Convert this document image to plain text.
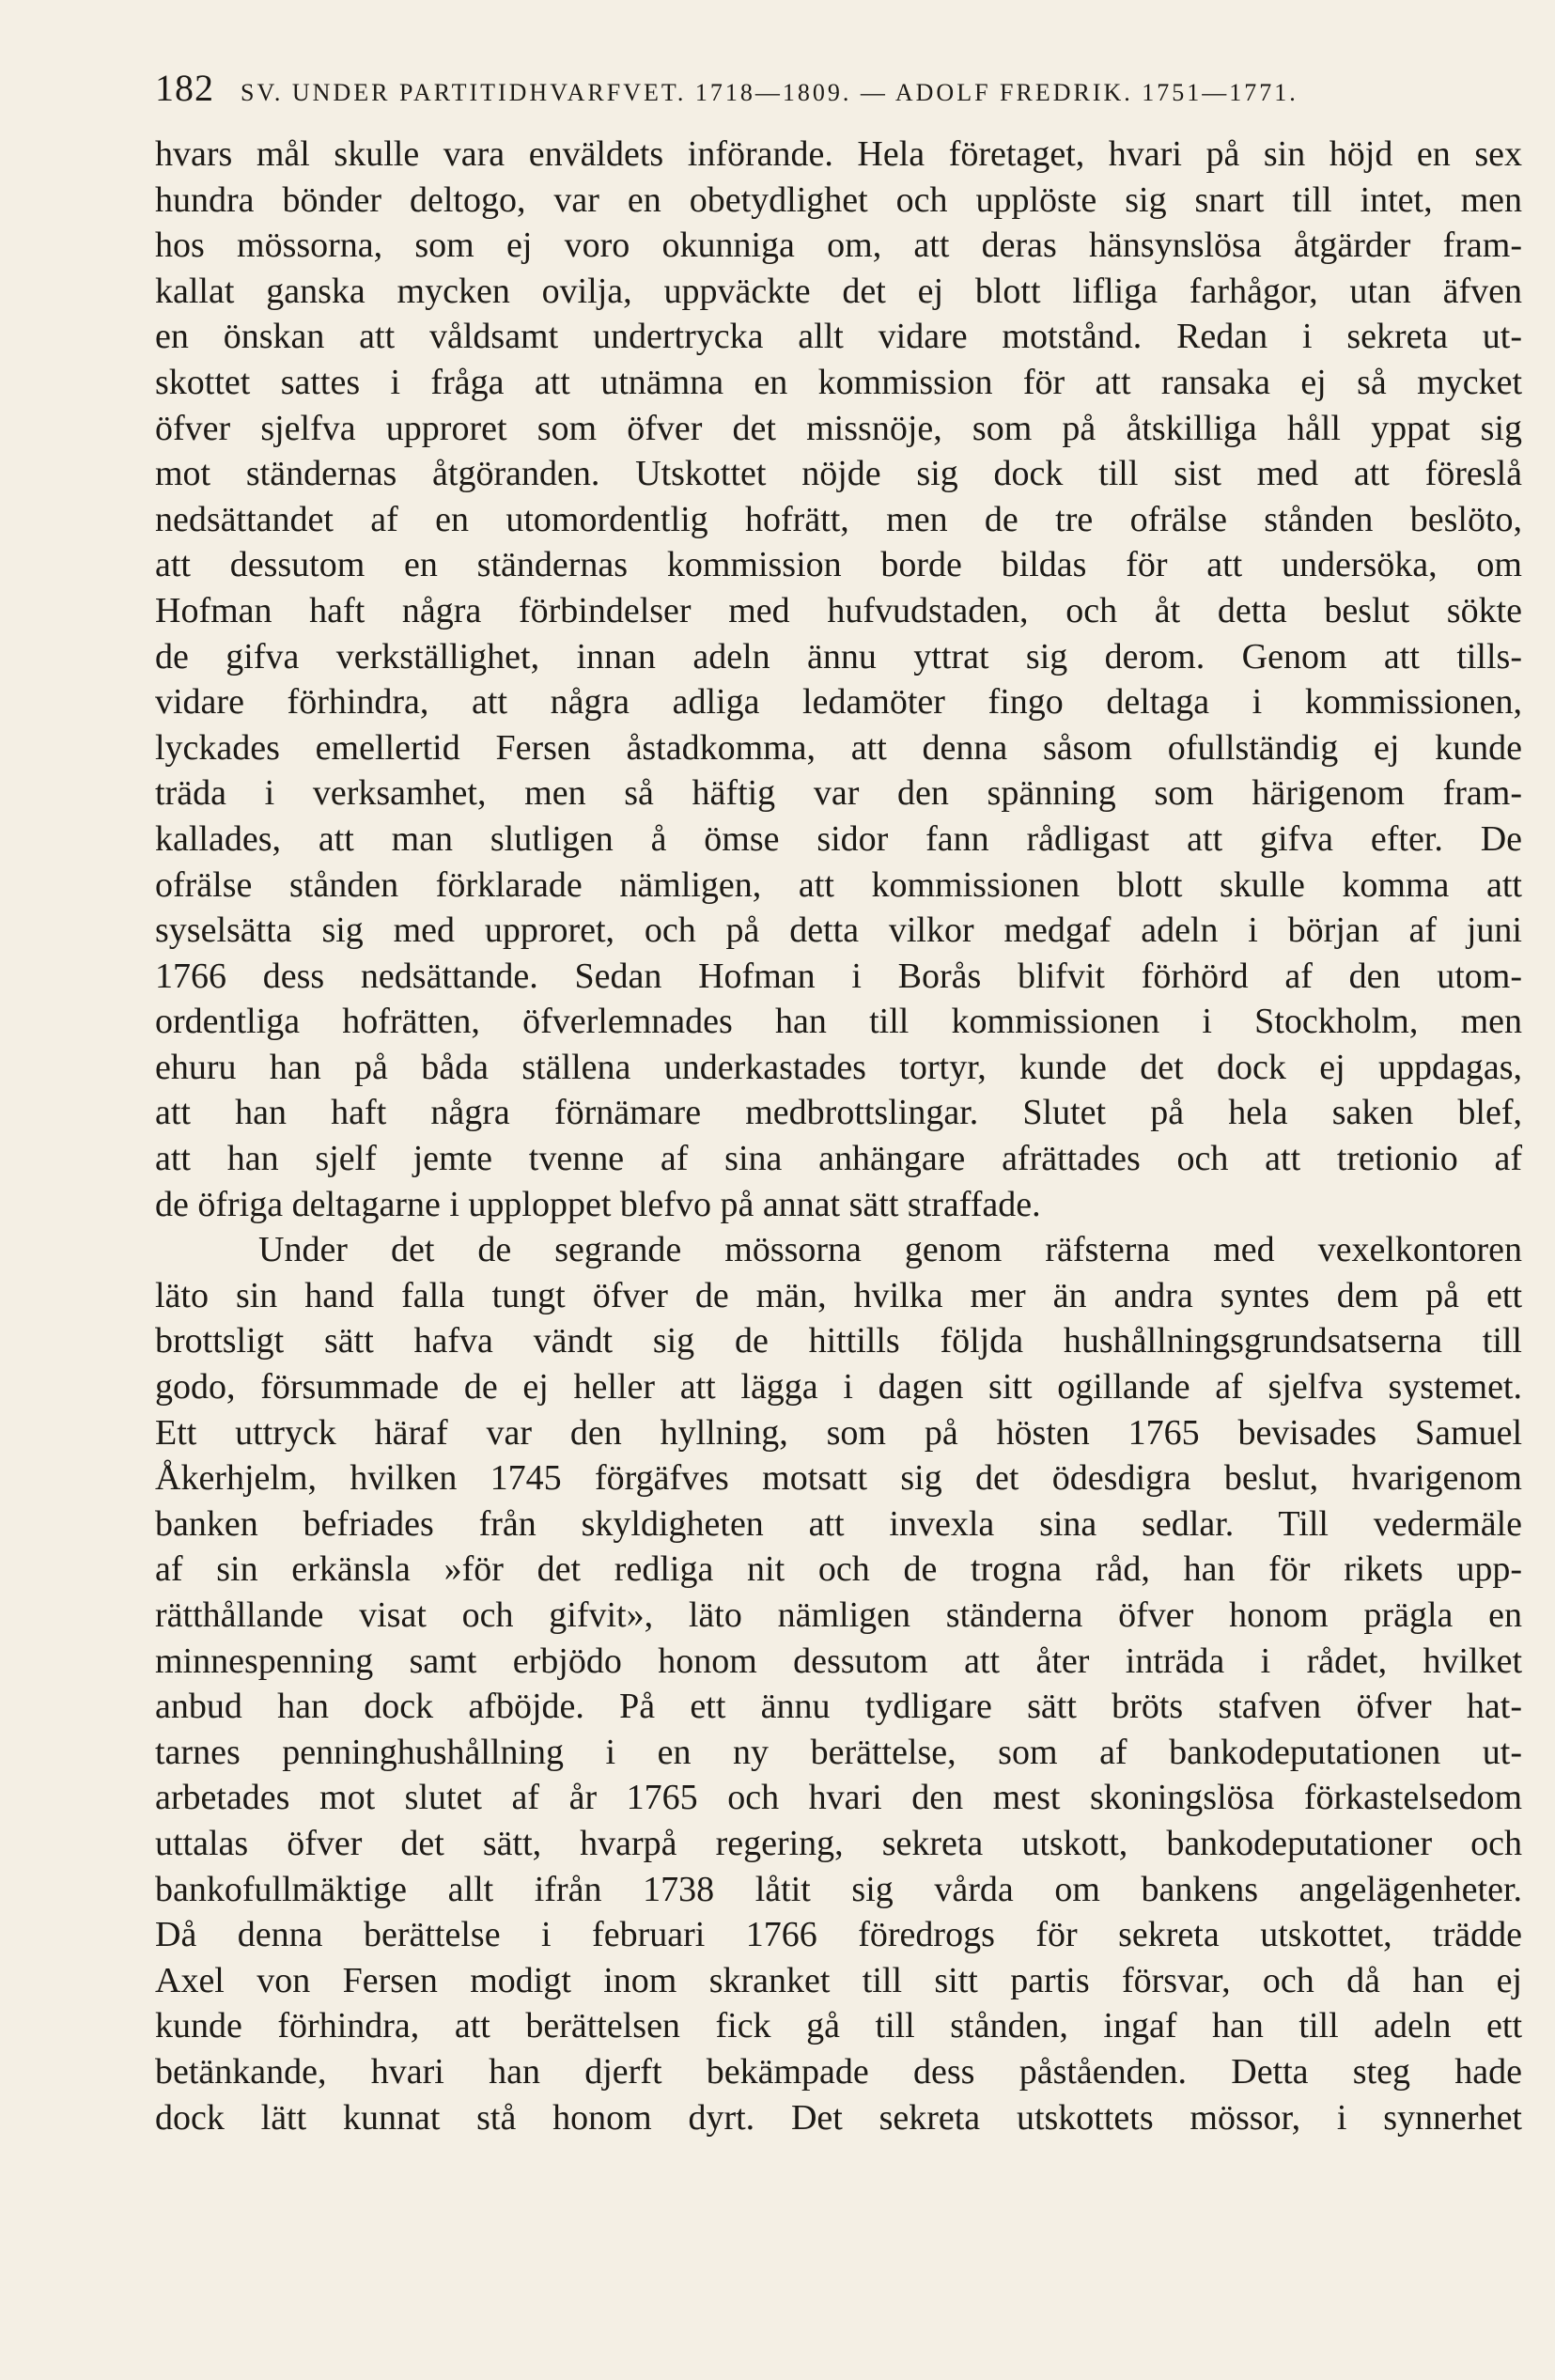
182 SV. UNDER PARTITIDHVARFVET. 1718—1809. — ADOLF FREDRIK. 1751—1771.

hvars mål skulle vara enväldets införande. Hela företaget, hvari på sin höjd en sex
hundra bönder deltogo, var en obetydlighet och upplöste sig snart till intet, men
hos mössorna, som ej voro okunniga om, att deras hänsynslösa åtgärder fram-
kallat ganska mycken ovilja, uppväckte det ej blott lifliga farhågor, utan äfven
en önskan att våldsamt undertrycka allt vidare motstånd. Redan i sekreta ut-
skottet sattes i fråga att utnämna en kommission för att ransaka ej så mycket
öfver sjelfva upproret som öfver det missnöje, som på åtskilliga håll yppat sig
mot ständernas åtgöranden. Utskottet nöjde sig dock till sist med att föreslå
nedsättandet af en utomordentlig hofrätt, men de tre ofrälse stånden beslöto,
att dessutom en ständernas kommission borde bildas för att undersöka, om
Hofman haft några förbindelser med hufvudstaden, och åt detta beslut sökte
de gifva verkställighet, innan adeln ännu yttrat sig derom. Genom att tills-
vidare förhindra, att några adliga ledamöter fingo deltaga i kommissionen,
lyckades emellertid Fersen åstadkomma, att denna såsom ofullständig ej kunde
träda i verksamhet, men så häftig var den spänning som härigenom fram-
kallades, att man slutligen å ömse sidor fann rådligast att gifva efter. De
ofrälse stånden förklarade nämligen, att kommissionen blott skulle komma att
syselsätta sig med upproret, och på detta vilkor medgaf adeln i början af juni
1766 dess nedsättande. Sedan Hofman i Borås blifvit förhörd af den utom-
ordentliga hofrätten, öfverlemnades han till kommissionen i Stockholm, men
ehuru han på båda ställena underkastades tortyr, kunde det dock ej uppdagas,
att han haft några förnämare medbrottslingar. Slutet på hela saken blef,
att han sjelf jemte tvenne af sina anhängare afrättades och att tretionio af
de öfriga deltagarne i upploppet blefvo på annat sätt straffade.

Under det de segrande mössorna genom räfsterna med vexelkontoren
läto sin hand falla tungt öfver de män, hvilka mer än andra syntes dem på ett
brottsligt sätt hafva vändt sig de hittills följda hushållningsgrundsatserna till
godo, försummade de ej heller att lägga i dagen sitt ogillande af sjelfva systemet.
Ett uttryck häraf var den hyllning, som på hösten 1765 bevisades Samuel
Åkerhjelm, hvilken 1745 förgäfves motsatt sig det ödesdigra beslut, hvarigenom
banken befriades från skyldigheten att invexla sina sedlar. Till vedermäle
af sin erkänsla »för det redliga nit och de trogna råd, han för rikets upp-
rätthållande visat och gifvit», läto nämligen ständerna öfver honom prägla en
minnespenning samt erbjödo honom dessutom att åter inträda i rådet, hvilket
anbud han dock afböjde. På ett ännu tydligare sätt bröts stafven öfver hat-
tarnes penninghushållning i en ny berättelse, som af bankodeputationen ut-
arbetades mot slutet af år 1765 och hvari den mest skoningslösa förkastelsedom
uttalas öfver det sätt, hvarpå regering, sekreta utskott, bankodeputationer och
bankofullmäktige allt ifrån 1738 låtit sig vårda om bankens angelägenheter.
Då denna berättelse i februari 1766 föredrogs för sekreta utskottet, trädde
Axel von Fersen modigt inom skranket till sitt partis försvar, och då han ej
kunde förhindra, att berättelsen fick gå till stånden, ingaf han till adeln ett
betänkande, hvari han djerft bekämpade dess påståenden. Detta steg hade
dock lätt kunnat stå honom dyrt. Det sekreta utskottets mössor, i synnerhet
